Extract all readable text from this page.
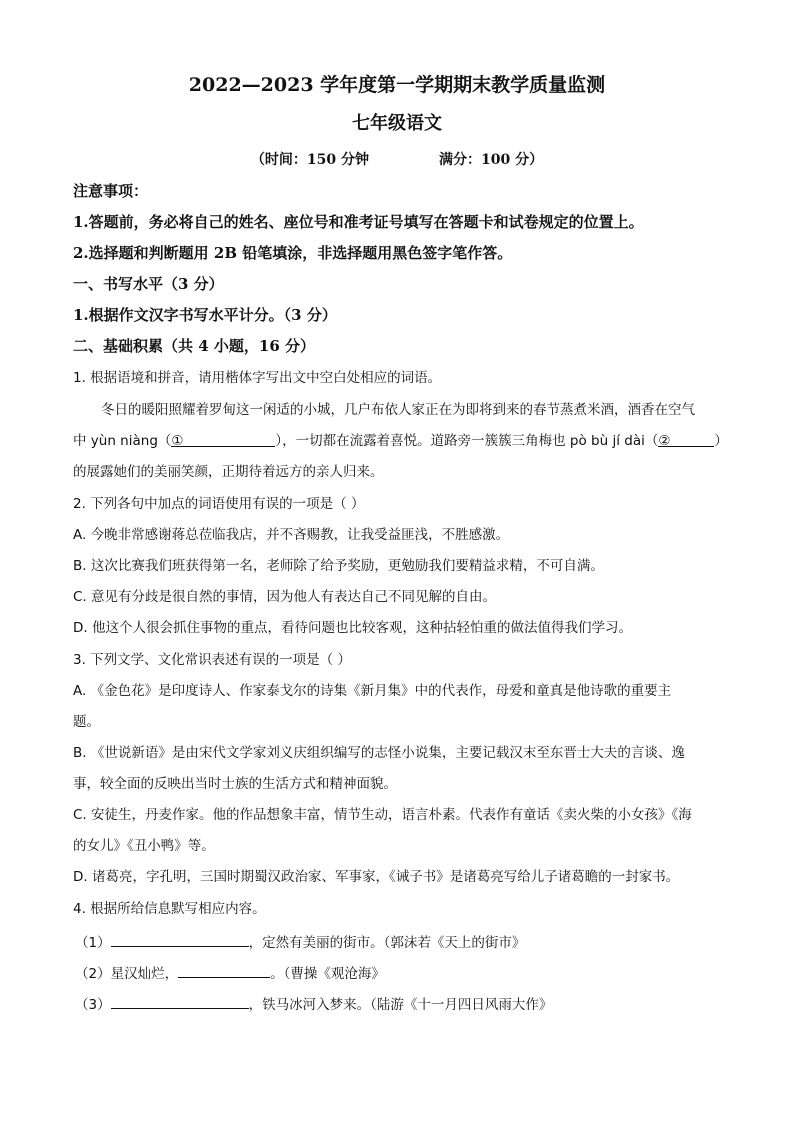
2022—2023 学年度第一学期期末教学质量监测
七年级语文
（时间：150 分钟	满分：100 分）
注意事项：
1.答题前，务必将自己的姓名、座位号和准考证号填写在答题卡和试卷规定的位置上。
2.选择题和判断题用 2B 铅笔填涂，非选择题用黑色签字笔作答。
一、书写水平（3 分）
1.根据作文汉字书写水平计分。（3 分）
二、基础积累（共 4 小题，16 分）
1. 根据语境和拼音，请用楷体字写出文中空白处相应的词语。
冬日的暖阳照耀着罗甸这一闲适的小城，几户布依人家正在为即将到来的春节蒸煮米酒，酒香在空气
中 yùn niàng（①	），一切都在流露着喜悦。道路旁一簇簇三角梅也 pò bù jí dài（②	）
的展露她们的美丽笑颜，正期待着远方的亲人归来。
2. 下列各句中加点的词语使用有误的一项是（ ）
A. 今晚非常感谢蒋总莅临我店，并不吝赐教，让我受益匪浅，不胜感激。
B. 这次比赛我们班获得第一名，老师除了给予奖励，更勉励我们要精益求精，不可自满。
C. 意见有分歧是很自然的事情，因为他人有表达自己不同见解的自由。
D. 他这个人很会抓住事物的重点，看待问题也比较客观，这种拈轻怕重的做法值得我们学习。
3. 下列文学、文化常识表述有误的一项是（ ）
A. 《金色花》是印度诗人、作家泰戈尔的诗集《新月集》中的代表作，母爱和童真是他诗歌的重要主
题。
B. 《世说新语》是由宋代文学家刘义庆组织编写的志怪小说集，主要记载汉末至东晋士大夫的言谈、逸
事，较全面的反映出当时士族的生活方式和精神面貌。
C. 安徒生，丹麦作家。他的作品想象丰富，情节生动，语言朴素。代表作有童话《卖火柴的小女孩》《海
的女儿》《丑小鸭》等。
D. 诸葛亮，字孔明，三国时期蜀汉政治家、军事家，《诫子书》是诸葛亮写给儿子诸葛瞻的一封家书。
4. 根据所给信息默写相应内容。
（1）	，定然有美丽的街市。（郭沫若《天上的街市》
（2）星汉灿烂，	。（曹操《观沧海》
（3）	，铁马冰河入梦来。（陆游《十一月四日风雨大作》
